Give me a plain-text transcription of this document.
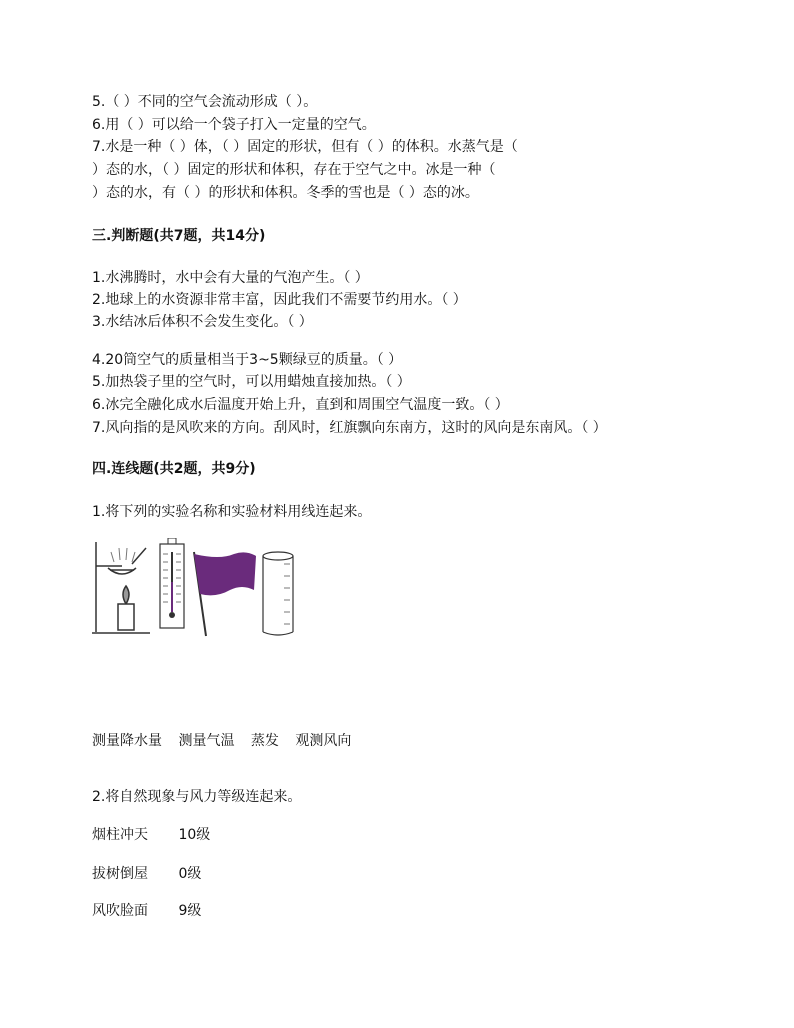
5.（ ）不同的空气会流动形成（ ）。
6.用（ ）可以给一个袋子打入一定量的空气。
7.水是一种（ ）体，（ ）固定的形状，但有（ ）的体积。水蒸气是（
）态的水，（ ）固定的形状和体积，存在于空气之中。冰是一种（
）态的水，有（ ）的形状和体积。冬季的雪也是（ ）态的冰。
三.判断题(共7题，共14分)
1.水沸腾时，水中会有大量的气泡产生。（ ）
2.地球上的水资源非常丰富，因此我们不需要节约用水。（ ）
3.水结冰后体积不会发生变化。（ ）
4.20筒空气的质量相当于3~5颗绿豆的质量。（ ）
5.加热袋子里的空气时，可以用蜡烛直接加热。（ ）
6.冰完全融化成水后温度开始上升，直到和周围空气温度一致。（ ）
7.风向指的是风吹来的方向。刮风时，红旗飘向东南方，这时的风向是东南风。（ ）
四.连线题(共2题，共9分)
1.将下列的实验名称和实验材料用线连起来。
测量降水量 测量气温 蒸发 观测风向
2.将自然现象与风力等级连起来。
烟柱冲天 10级
拔树倒屋 0级
风吹脸面 9级
